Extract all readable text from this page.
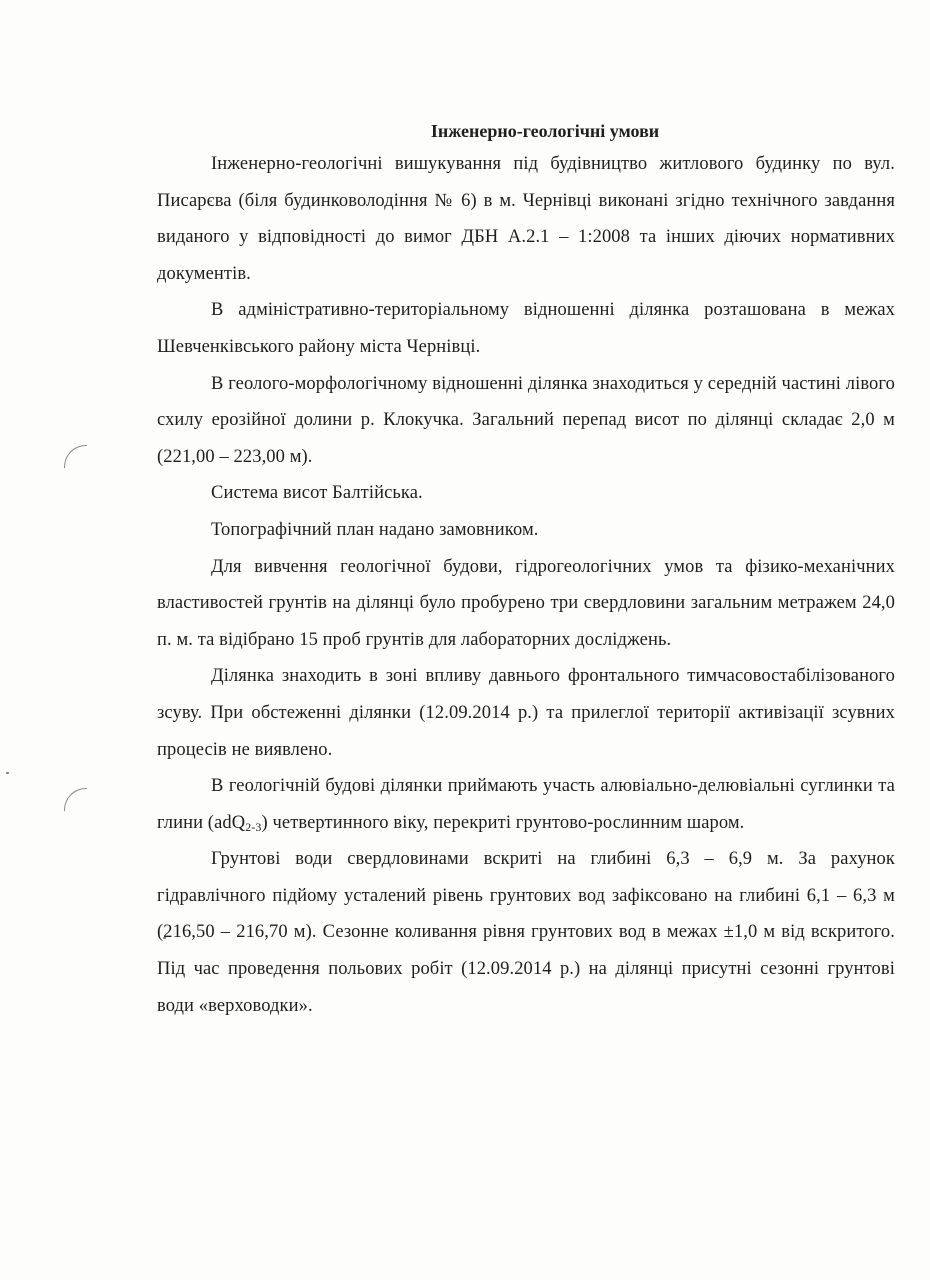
Інженерно-геологічні умови

Інженерно-геологічні вишукування під будівництво житлового будинку по вул. Писарєва (біля будинковолодіння № 6) в м. Чернівці виконані згідно технічного завдання виданого у відповідності до вимог ДБН А.2.1 – 1:2008 та інших діючих нормативних документів.

В адміністративно-територіальному відношенні ділянка розташована в межах Шевченківського району міста Чернівці.

В геолого-морфологічному відношенні ділянка знаходиться у середній частині лівого схилу ерозійної долини р. Клокучка. Загальний перепад висот по ділянці складає 2,0 м (221,00 – 223,00 м).

Система висот Балтійська.

Топографічний план надано замовником.

Для вивчення геологічної будови, гідрогеологічних умов та фізико-механічних властивостей грунтів на ділянці було пробурено три свердловини загальним метражем 24,0 п. м. та відібрано 15 проб грунтів для лабораторних досліджень.

Ділянка знаходить в зоні впливу давнього фронтального тимчасовостабілізованого зсуву. При обстеженні ділянки (12.09.2014 р.) та прилеглої території активізації зсувних процесів не виявлено.

В геологічній будові ділянки приймають участь алювіально-делювіальні суглинки та глини (adQ$_{2-3}$) четвертинного віку, перекриті грунтово-рослинним шаром.

Грунтові води свердловинами вскриті на глибині 6,3 – 6,9 м. За рахунок гідравлічного підйому усталений рівень грунтових вод зафіксовано на глибині 6,1 – 6,3 м (216,50 – 216,70 м). Сезонне коливання рівня грунтових вод в межах ±1,0 м від вскритого. Під час проведення польових робіт (12.09.2014 р.) на ділянці присутні сезонні грунтові води «верховодки».
